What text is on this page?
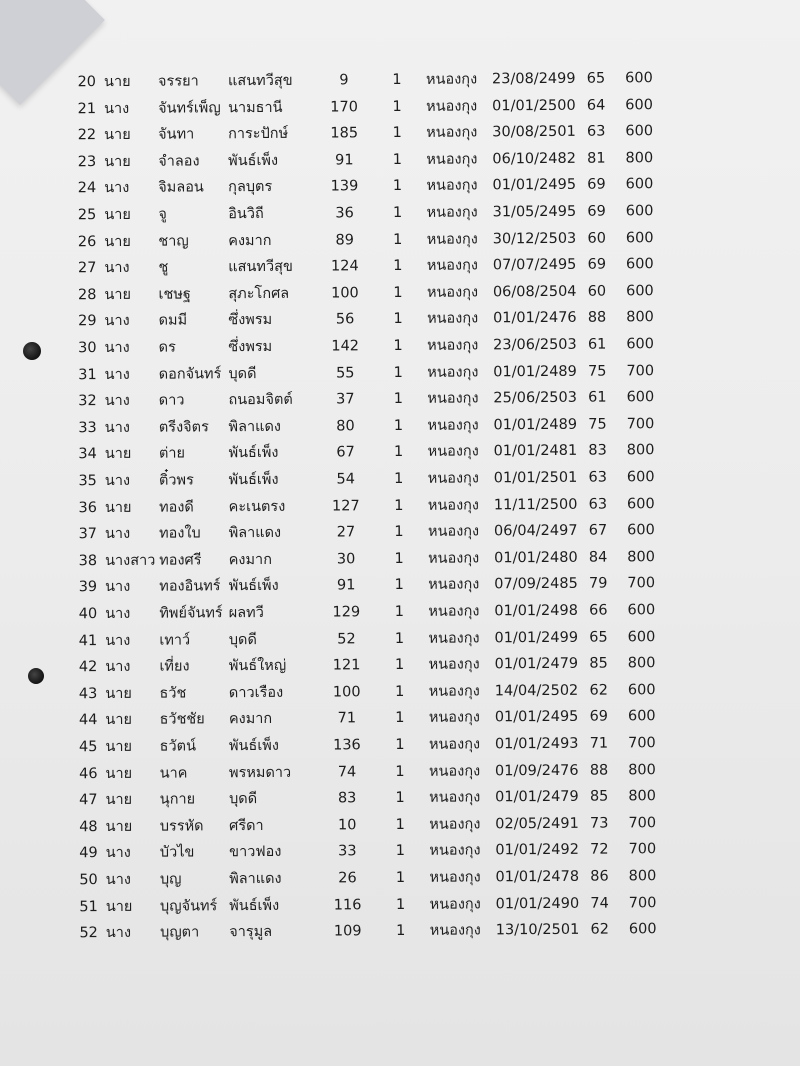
20 นาย จรรยา แสนทวีสุข	9	1	หนองกุง 23/08/2499 65 600
21 นาง จันทร์เพ็ญ นามธานี	170	1	หนองกุง 01/01/2500 64 600
22 นาย จันทา การะปักษ์	185	1	หนองกุง 30/08/2501 63 600
23 นาย จำลอง พันธ์เพ็ง	91	1	หนองกุง 06/10/2482 81 800
24 นาง จิมลอน กุลบุตร	139	1	หนองกุง 01/01/2495 69 600
25 นาย จู	อินวิถี	36	1	หนองกุง 31/05/2495 69 600
26 นาย ชาญ	คงมาก	89	1	หนองกุง 30/12/2503 60 600
27 นาง ชู	แสนทวีสุข	124	1	หนองกุง 07/07/2495 69 600
28 นาย เชษฐ	สุภะโกศล	100	1	หนองกุง 06/08/2504 60 600
29 นาง ดมมี	ซึ่งพรม	56	1	หนองกุง 01/01/2476 88 800
30 นาง ดร	ซึ่งพรม	142	1	หนองกุง 23/06/2503 61 600
31 นาง ดอกจันทร์ บุดดี	55	1	หนองกุง 01/01/2489 75 700
32 นาง ดาว	ถนอมจิตต์	37	1	หนองกุง 25/06/2503 61 600
33 นาง ตรีงจิตร พิลาแดง	80	1	หนองกุง 01/01/2489 75 700
34 นาย ต่าย	พันธ์เพ็ง	67	1	หนองกุง 01/01/2481 83 800
35 นาง ติ๋วพร พันธ์เพ็ง	54	1	หนองกุง 01/01/2501 63 600
36 นาย ทองดี คะเนตรง	127	1	หนองกุง 11/11/2500 63 600
37 นาง ทองใบ พิลาแดง	27	1	หนองกุง 06/04/2497 67 600
38 นางสาว ทองศรี คงมาก	30	1	หนองกุง 01/01/2480 84 800
39 นาง ทองอินทร์ พันธ์เพ็ง	91	1	หนองกุง 07/09/2485 79 700
40 นาง ทิพย์จันทร์ ผลทวี	129	1	หนองกุง 01/01/2498 66 600
41 นาง เทาว์	บุดดี	52	1	หนองกุง 01/01/2499 65 600
42 นาง เที่ยง	พันธ์ใหญ่	121	1	หนองกุง 01/01/2479 85 800
43 นาย ธวัช	ดาวเรือง	100	1	หนองกุง 14/04/2502 62 600
44 นาย ธวัชชัย คงมาก	71	1	หนองกุง 01/01/2495 69 600
45 นาย ธวัตน์ พันธ์เพ็ง	136	1	หนองกุง 01/01/2493 71 700
46 นาย นาค	พรหมดาว	74	1	หนองกุง 01/09/2476 88 800
47 นาย นุกาย บุดดี	83	1	หนองกุง 01/01/2479 85 800
48 นาย บรรหัด ศรีดา	10	1	หนองกุง 02/05/2491 73 700
49 นาง บัวไข ขาวฟอง	33	1	หนองกุง 01/01/2492 72 700
50 นาง บุญ	พิลาแดง	26	1	หนองกุง 01/01/2478 86 800
51 นาย บุญจันทร์ พันธ์เพ็ง	116	1	หนองกุง 01/01/2490 74 700
52 นาง บุญตา จารุมูล	109	1	หนองกุง 13/10/2501 62 600
